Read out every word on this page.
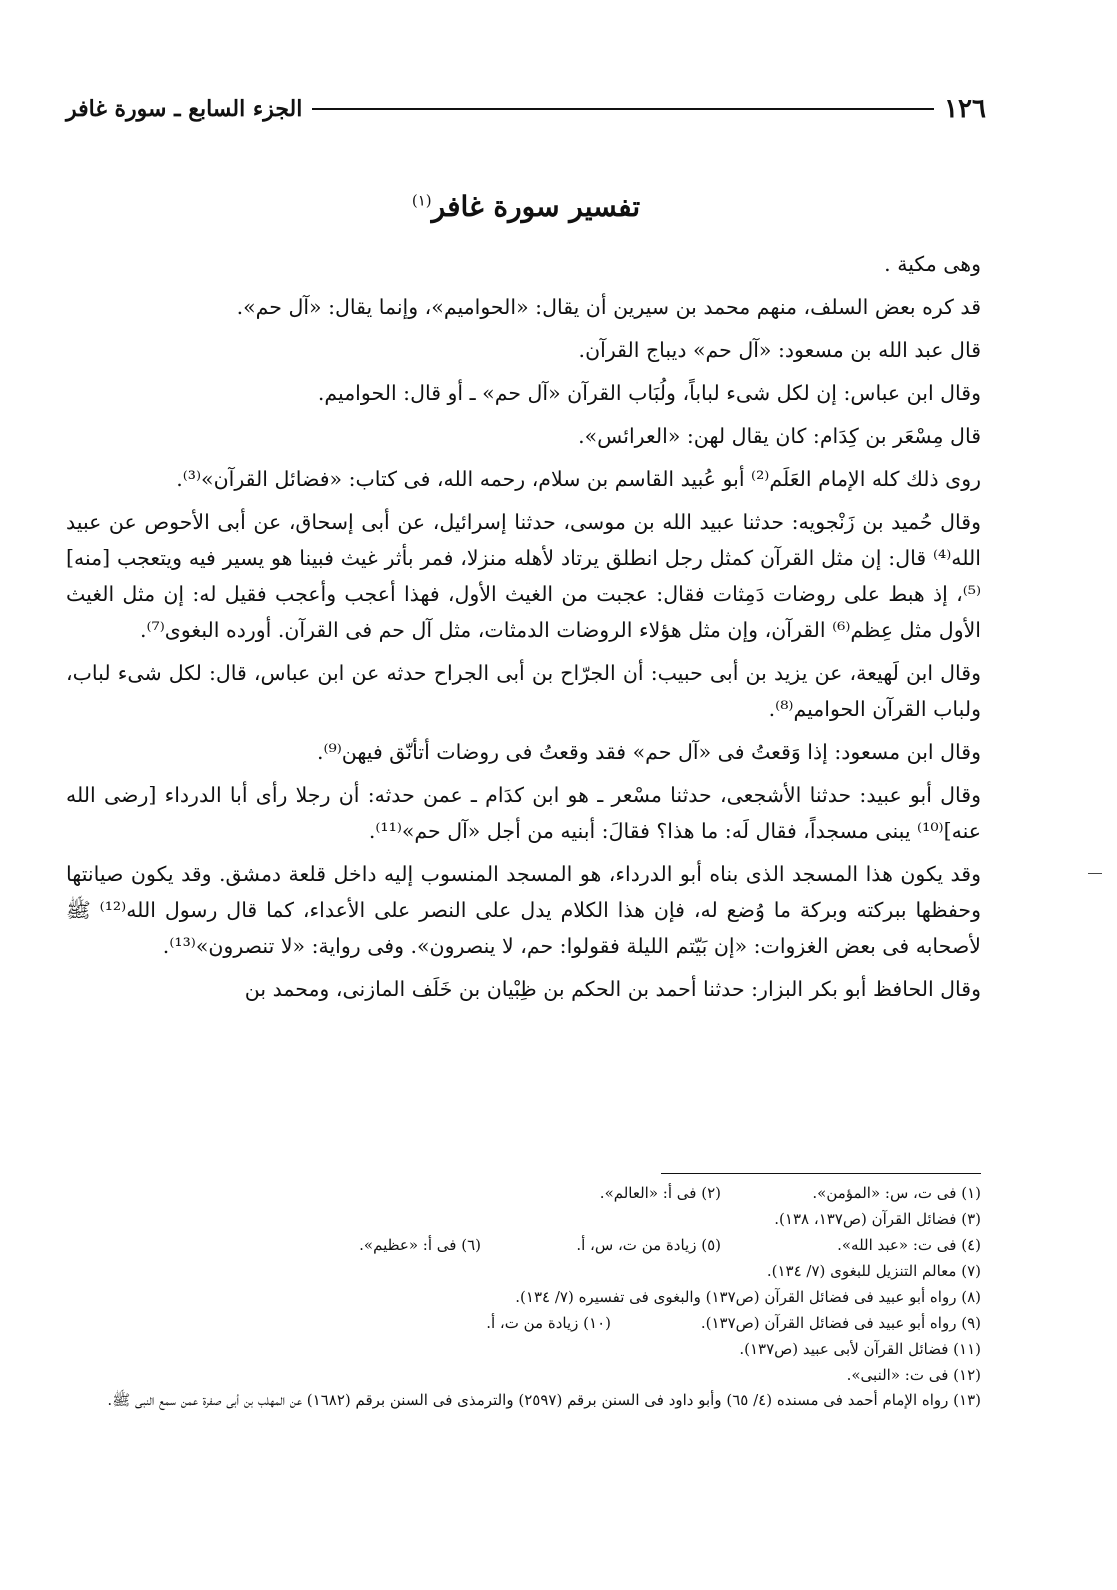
١٢٦
الجزء السابع ـ سورة غافر
تفسير سورة غافر$^{(١)}$

وهى مكية .

قد كره بعض السلف، منهم محمد بن سيرين أن يقال: «الحواميم»، وإنما يقال: «آل حم».

قال عبد الله بن مسعود: «آل حم» ديباج القرآن.

وقال ابن عباس: إن لكل شىء لباباً، ولُبَاب القرآن «آل حم» ـ أو قال: الحواميم.

قال مِسْعَر بن كِدَام: كان يقال لهن: «العرائس».

روى ذلك كله الإمام العَلَم⁽²⁾ أبو عُبيد القاسم بن سلام، رحمه الله، فى كتاب: «فضائل القرآن»⁽³⁾.

وقال حُميد بن زَنْجويه: حدثنا عبيد الله بن موسى، حدثنا إسرائيل، عن أبى إسحاق، عن أبى الأحوص عن عبيد الله⁽⁴⁾ قال: إن مثل القرآن كمثل رجل انطلق يرتاد لأهله منزلا، فمر بأثر غيث فبينا هو يسير فيه ويتعجب [منه]⁽⁵⁾، إذ هبط على روضات دَمِثات فقال: عجبت من الغيث الأول، فهذا أعجب وأعجب فقيل له: إن مثل الغيث الأول مثل عِظم⁽⁶⁾ القرآن، وإن مثل هؤلاء الروضات الدمثات، مثل آل حم فى القرآن. أورده البغوى⁽⁷⁾.

وقال ابن لَهيعة، عن يزيد بن أبى حبيب: أن الجرّاح بن أبى الجراح حدثه عن ابن عباس، قال: لكل شىء لباب، ولباب القرآن الحواميم⁽⁸⁾.

وقال ابن مسعود: إذا وَقعتُ فى «آل حم» فقد وقعتُ فى روضات أتأنّق فيهن⁽⁹⁾.

وقال أبو عبيد: حدثنا الأشجعى، حدثنا مسْعر ـ هو ابن كدَام ـ عمن حدثه: أن رجلا رأى أبا الدرداء [رضى الله عنه]⁽¹⁰⁾ يبنى مسجداً، فقال لَه: ما هذا؟ فقالَ: أبنيه من أجل «آل حم»⁽¹¹⁾.

وقد يكون هذا المسجد الذى بناه أبو الدرداء، هو المسجد المنسوب إليه داخل قلعة دمشق. وقد يكون صيانتها وحفظها ببركته وبركة ما وُضع له، فإن هذا الكلام يدل على النصر على الأعداء، كما قال رسول الله⁽¹²⁾ ﷺ لأصحابه فى بعض الغزوات: «إن بَيّتم الليلة فقولوا: حم، لا ينصرون». وفى رواية: «لا تنصرون»⁽¹³⁾.

وقال الحافظ أبو بكر البزار: حدثنا أحمد بن الحكم بن ظِبْيان بن خَلَف المازنى، ومحمد بن

(١) فى ت، س: «المؤمن».
(٢) فى أ: «العالم».
(٣) فضائل القرآن (ص١٣٧، ١٣٨).
(٤) فى ت: «عبد الله».
(٥) زيادة من ت، س، أ.
(٦) فى أ: «عظيم».
(٧) معالم التنزيل للبغوى (٧/ ١٣٤).
(٨) رواه أبو عبيد فى فضائل القرآن (ص١٣٧) والبغوى فى تفسيره (٧/ ١٣٤).
(٩) رواه أبو عبيد فى فضائل القرآن (ص١٣٧).
(١٠) زيادة من ت، أ.
(١١) فضائل القرآن لأبى عبيد (ص١٣٧).
(١٢) فى ت: «النبى».
(١٣) رواه الإمام أحمد فى مسنده (٤/ ٦٥) وأبو داود فى السنن برقم (٢٥٩٧) والترمذى فى السنن برقم (١٦٨٢) عن المهلب بن أبى صفرة عمن سمع النبى ﷺ.
